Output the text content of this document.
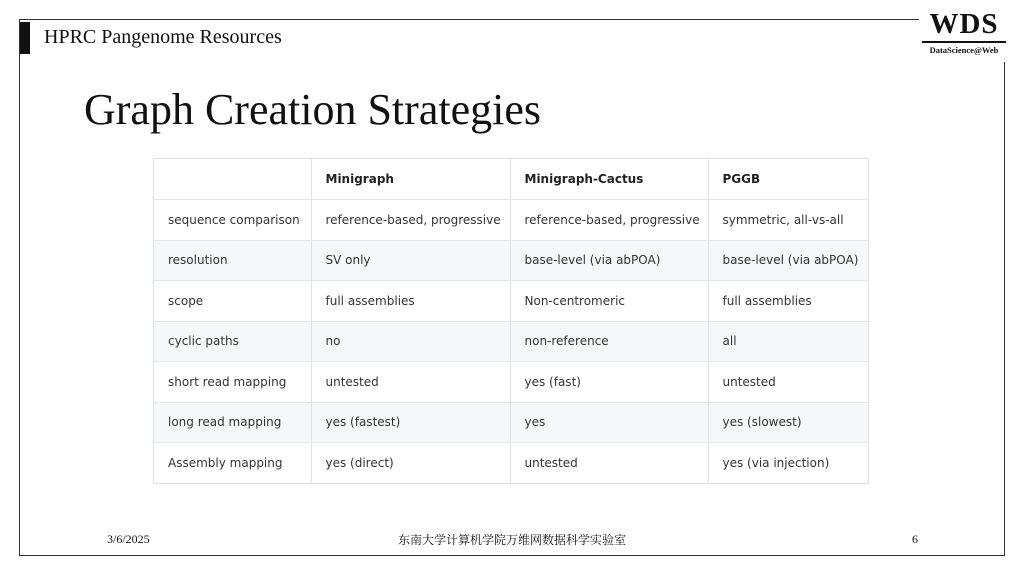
HPRC Pangenome Resources	WDS
DataScience@Web
Graph Creation Strategies
	Minigraph	Minigraph-Cactus	PGGB
sequence comparison	reference-based, progressive	reference-based, progressive	symmetric, all-vs-all
resolution	SV only	base-level (via abPOA)	base-level (via abPOA)
scope	full assemblies	Non-centromeric	full assemblies
cyclic paths	no	non-reference	all
short read mapping	untested	yes (fast)	untested
long read mapping	yes (fastest)	yes	yes (slowest)
Assembly mapping	yes (direct)	untested	yes (via injection)
3/6/2025	东南大学计算机学院万维网数据科学实验室	6
